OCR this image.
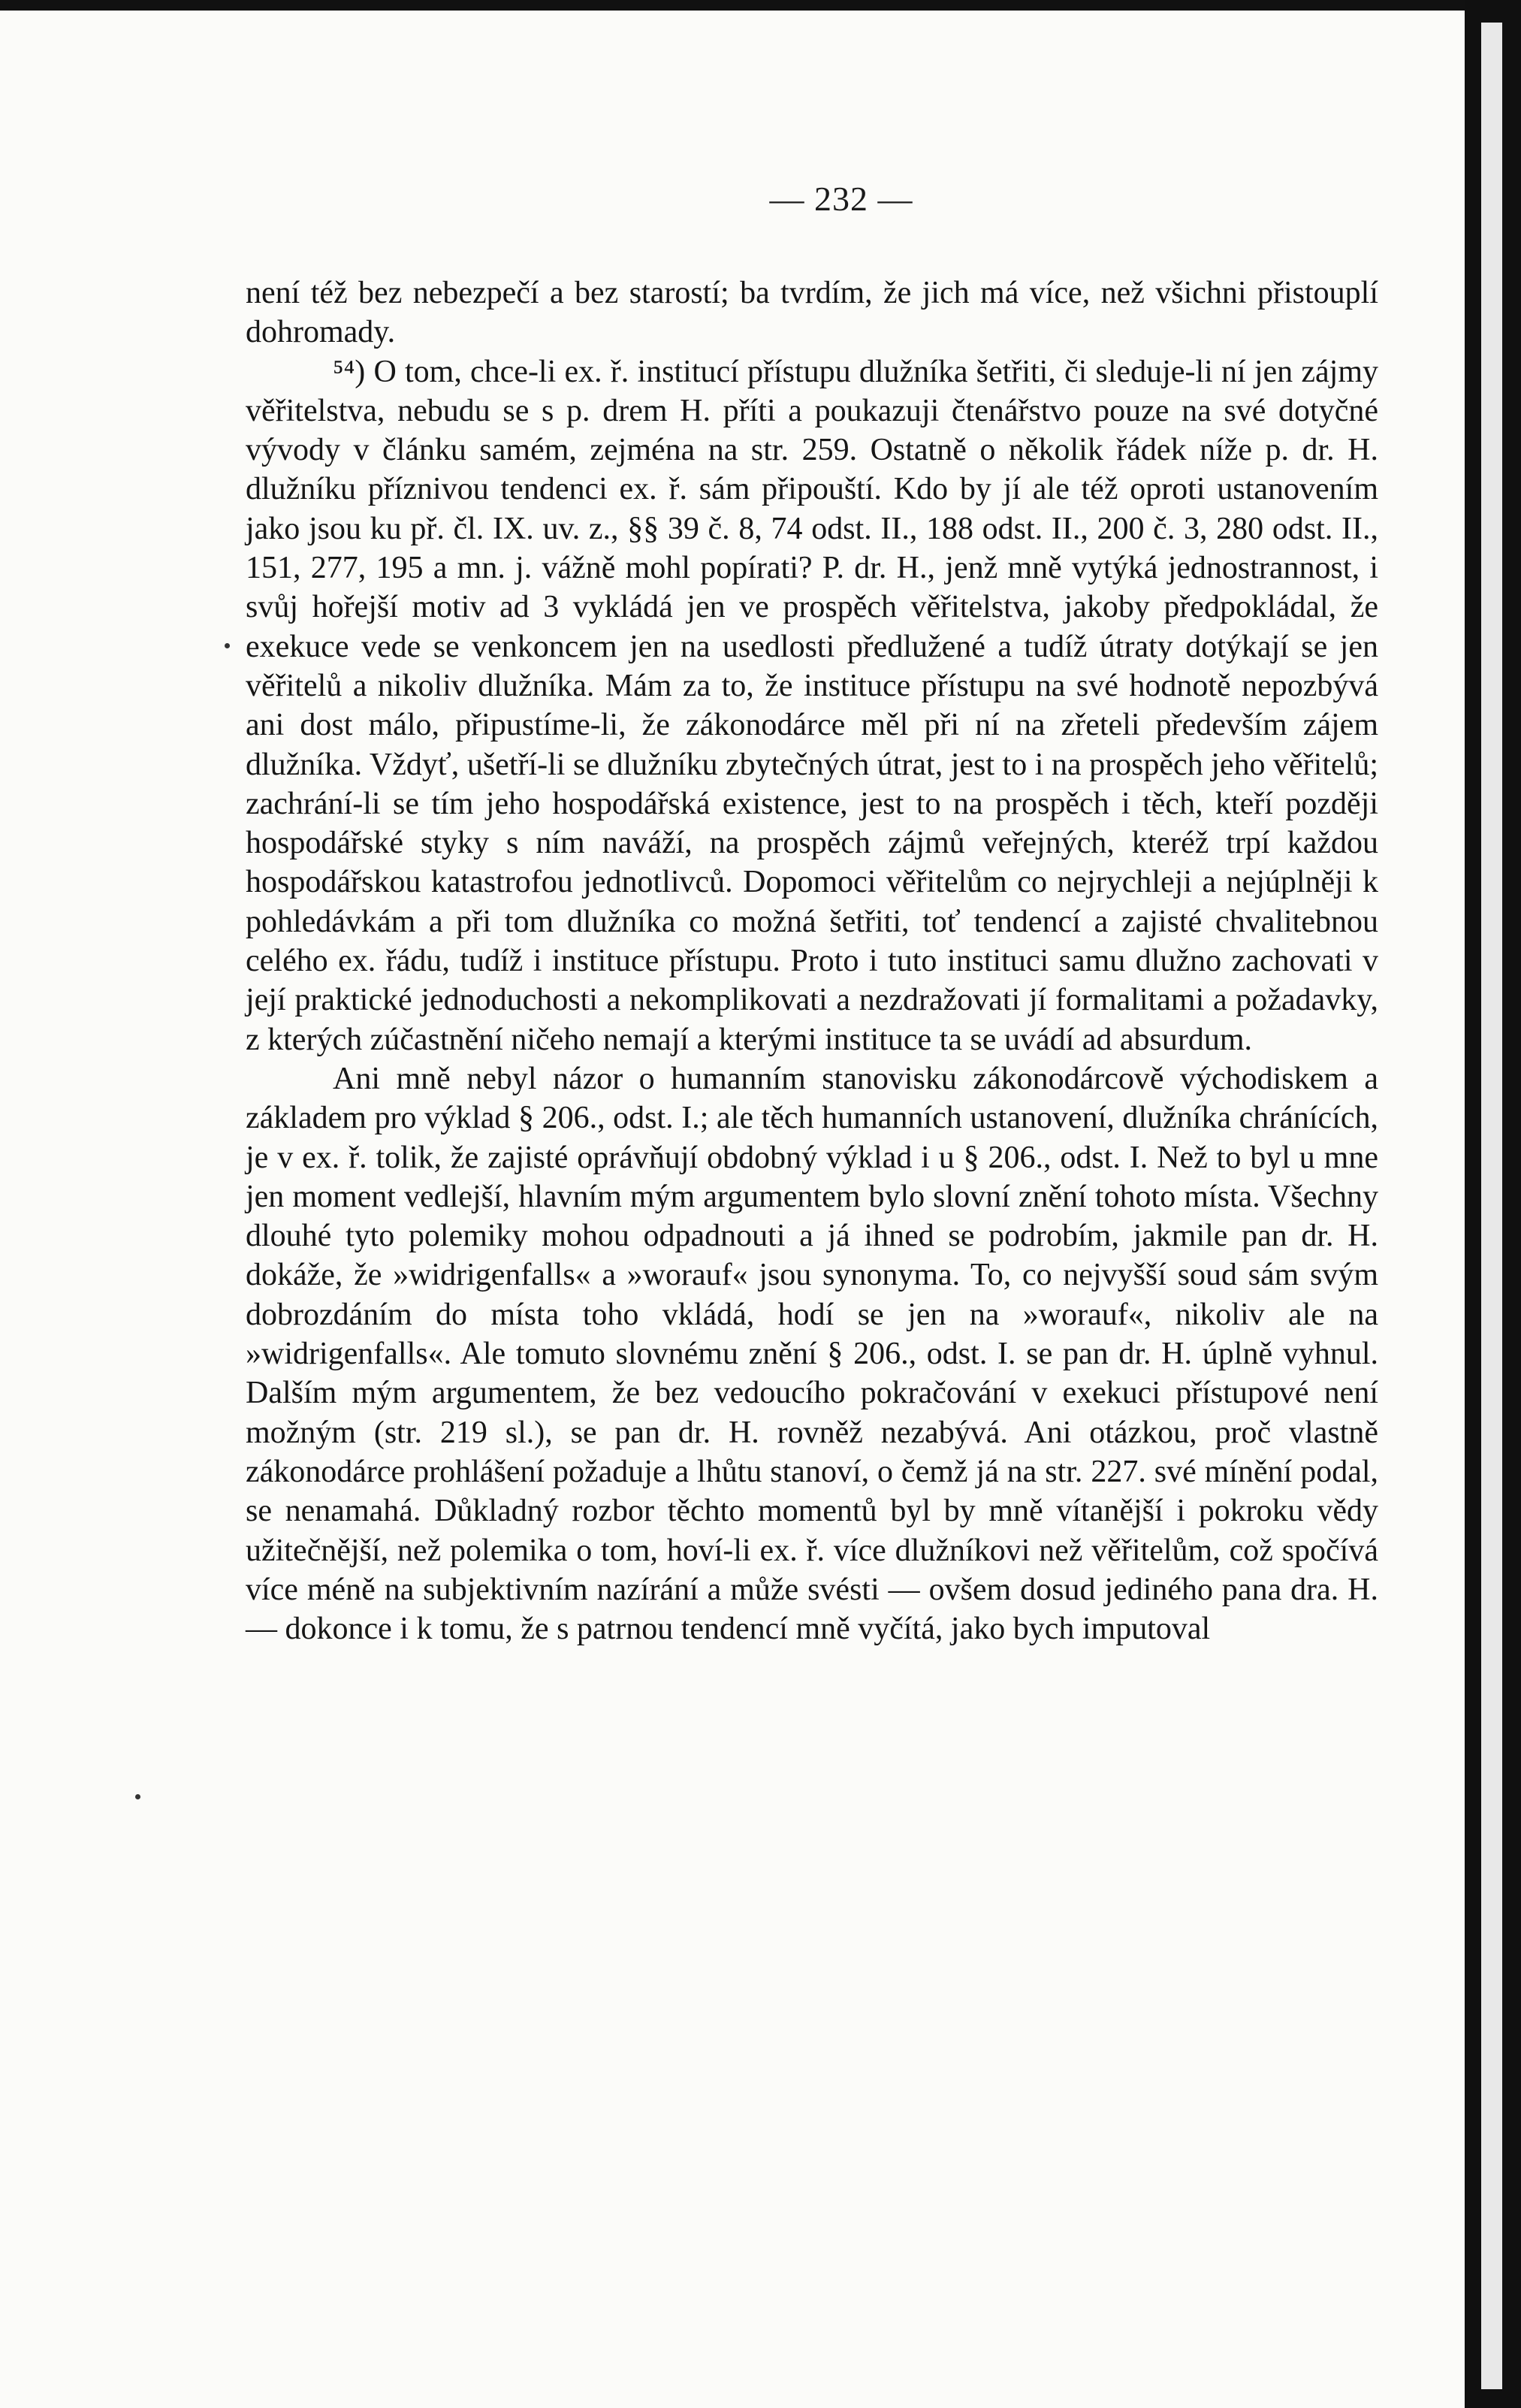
— 232 —

není též bez nebezpečí a bez starostí; ba tvrdím, že jich má více, než všichni přistouplí dohromady.

⁵⁴) O tom, chce-li ex. ř. institucí přístupu dlužníka šetřiti, či sleduje-li ní jen zájmy věřitelstva, nebudu se s p. drem H. příti a poukazuji čtenářstvo pouze na své dotyčné vývody v článku samém, zejména na str. 259. Ostatně o několik řádek níže p. dr. H. dlužníku příznivou tendenci ex. ř. sám připouští. Kdo by jí ale též oproti ustanovením jako jsou ku př. čl. IX. uv. z., §§ 39 č. 8, 74 odst. II., 188 odst. II., 200 č. 3, 280 odst. II., 151, 277, 195 a mn. j. vážně mohl popírati? P. dr. H., jenž mně vytýká jednostrannost, i svůj hořejší motiv ad 3 vykládá jen ve prospěch věřitelstva, jakoby předpokládal, že exekuce vede se venkoncem jen na usedlosti předlužené a tudíž útraty dotýkají se jen věřitelů a nikoliv dlužníka. Mám za to, že instituce přístupu na své hodnotě nepozbývá ani dost málo, připustíme-li, že zákonodárce měl při ní na zřeteli především zájem dlužníka. Vždyť, ušetří-li se dlužníku zbytečných útrat, jest to i na prospěch jeho věřitelů; zachrání-li se tím jeho hospodářská existence, jest to na prospěch i těch, kteří později hospodářské styky s ním naváží, na prospěch zájmů veřejných, kteréž trpí každou hospodářskou katastrofou jednotlivců. Dopomoci věřitelům co nejrychleji a nejúplněji k pohledávkám a při tom dlužníka co možná šetřiti, toť tendencí a zajisté chvalitebnou celého ex. řádu, tudíž i instituce přístupu. Proto i tuto instituci samu dlužno zachovati v její praktické jednoduchosti a nekomplikovati a nezdražovati jí formalitami a požadavky, z kterých zúčastnění ničeho nemají a kterými instituce ta se uvádí ad absurdum.

Ani mně nebyl názor o humanním stanovisku zákonodárcově východiskem a základem pro výklad § 206., odst. I.; ale těch humanních ustanovení, dlužníka chránících, je v ex. ř. tolik, že zajisté oprávňují obdobný výklad i u § 206., odst. I. Než to byl u mne jen moment vedlejší, hlavním mým argumentem bylo slovní znění tohoto místa. Všechny dlouhé tyto polemiky mohou odpadnouti a já ihned se podrobím, jakmile pan dr. H. dokáže, že »widrigenfalls« a »worauf« jsou synonyma. To, co nejvyšší soud sám svým dobrozdáním do místa toho vkládá, hodí se jen na »worauf«, nikoliv ale na »widrigenfalls«. Ale tomuto slovnému znění § 206., odst. I. se pan dr. H. úplně vyhnul. Dalším mým argumentem, že bez vedoucího pokračování v exekuci přístupové není možným (str. 219 sl.), se pan dr. H. rovněž nezabývá. Ani otázkou, proč vlastně zákonodárce prohlášení požaduje a lhůtu stanoví, o čemž já na str. 227. své mínění podal, se nenamahá. Důkladný rozbor těchto momentů byl by mně vítanější i pokroku vědy užitečnější, než polemika o tom, hoví-li ex. ř. více dlužníkovi než věřitelům, což spočívá více méně na subjektivním nazírání a může svésti — ovšem dosud jediného pana dra. H. — dokonce i k tomu, že s patrnou tendencí mně vyčítá, jako bych imputoval
